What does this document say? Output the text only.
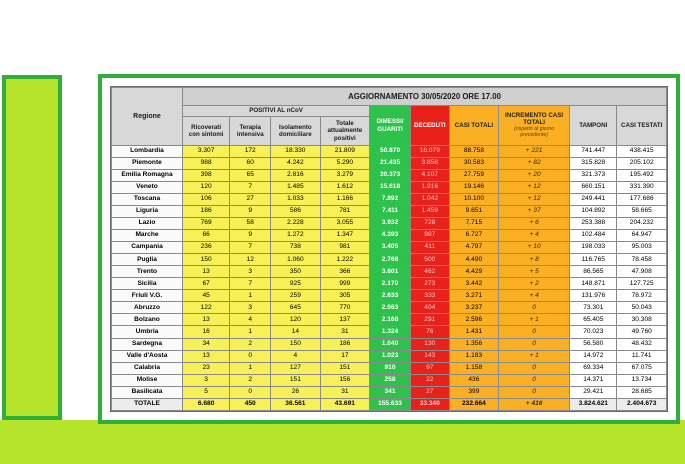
Regione	AGGIORNAMENTO 30/05/2020 ORE 17.00									
	POSITIVI AL nCoV				DIMESSI/ GUARITI	DECEDUTI	CASI TOTALI	INCREMENTO CASI TOTALI
(rispetto al giorno precedente)	TAMPONI	CASI TESTATI
	Ricoverati con sintomi	Terapia intensiva	Isolamento domiciliare	Totale attualmente positivi						
Lombardia	3.307	172	18.330	21.809	50.870	16.079	88.758	+ 221	741.447	438.415
Piemonte	988	60	4.242	5.290	21.435	3.858	30.583	+ 82	315.828	205.102
Emilia Romagna	398	65	2.816	3.279	20.373	4.107	27.759	+ 20	321.373	195.492
Veneto	120	7	1.485	1.612	15.618	1.916	19.146	+ 12	660.151	331.390
Toscana	106	27	1.033	1.166	7.892	1.042	10.100	+ 12	249.441	177.686
Liguria	186	9	586	781	7.411	1.459	9.651	+ 37	104.892	58.665
Lazio	769	58	2.228	3.055	3.932	728	7.715	+ 6	253.388	204.232
Marche	66	9	1.272	1.347	4.393	987	6.727	+ 4	102.484	64.947
Campania	236	7	738	981	3.405	411	4.797	+ 10	198.033	95.003
Puglia	150	12	1.060	1.222	2.768	500	4.490	+ 8	116.765	78.458
Trento	13	3	350	366	3.601	462	4.429	+ 5	86.565	47.908
Sicilia	67	7	925	999	2.170	273	3.442	+ 2	148.871	127.725
Friuli V.G.	45	1	259	305	2.633	333	3.271	+ 4	131.976	78.972
Abruzzo	122	3	645	770	2.063	404	3.237	0	73.301	50.043
Bolzano	13	4	120	137	2.168	291	2.596	+ 1	65.405	30.308
Umbria	16	1	14	31	1.324	76	1.431	0	70.023	49.760
Sardegna	34	2	150	186	1.040	130	1.356	0	56.580	48.432
Valle d'Aosta	13	0	4	17	1.023	143	1.183	+ 1	14.972	11.741
Calabria	23	1	127	151	910	97	1.158	0	69.334	67.075
Molise	3	2	151	156	258	22	436	0	14.371	13.734
Basilicata	5	0	26	31	341	27	399	0	29.421	28.685
TOTALE	6.680	450	36.561	43.691	155.633	33.340	232.664	+ 416	3.824.621	2.404.673
